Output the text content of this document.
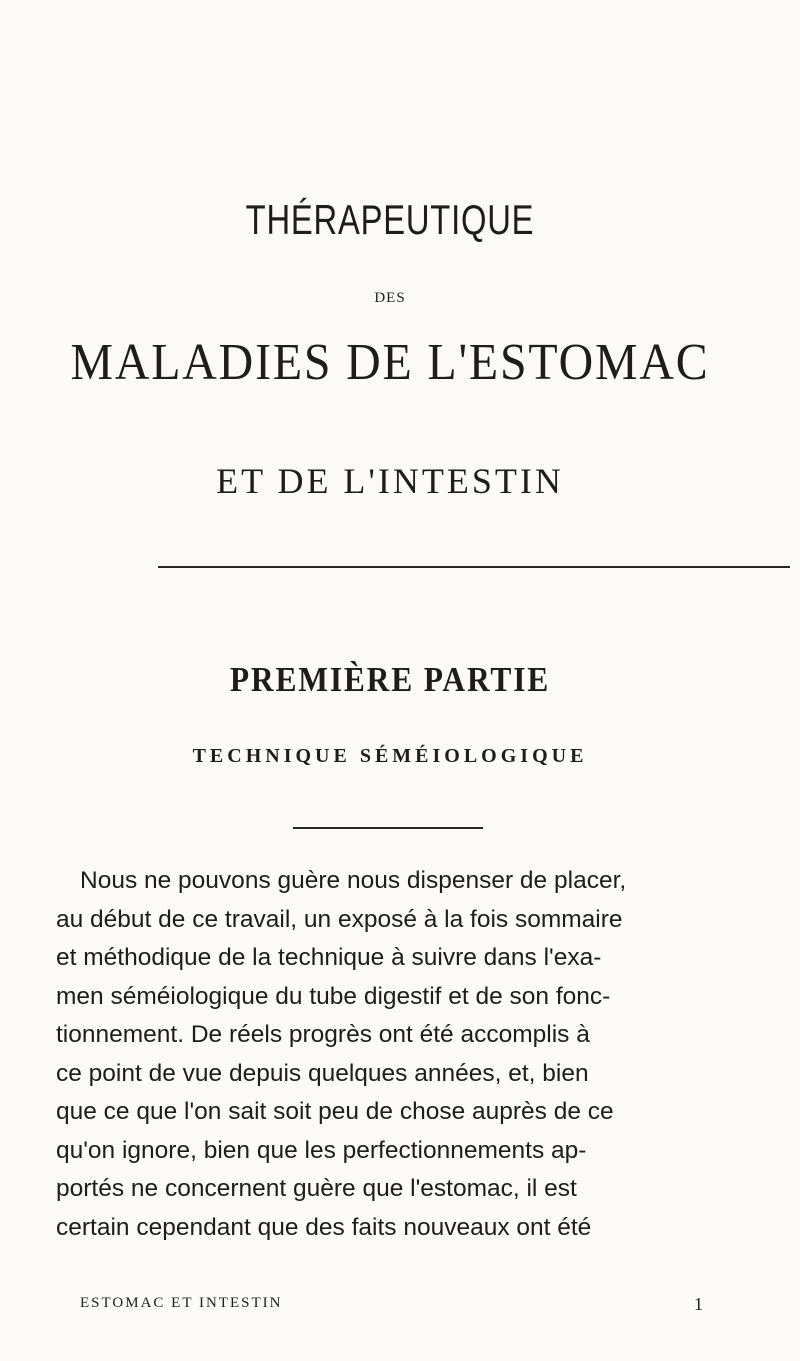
THÉRAPEUTIQUE
DES
MALADIES DE L'ESTOMAC
ET DE L'INTESTIN
PREMIÈRE PARTIE
TECHNIQUE SÉMÉIOLOGIQUE
Nous ne pouvons guère nous dispenser de placer,
au début de ce travail, un exposé à la fois sommaire
et méthodique de la technique à suivre dans l'exa-
men séméiologique du tube digestif et de son fonc-
tionnement. De réels progrès ont été accomplis à
ce point de vue depuis quelques années, et, bien
que ce que l'on sait soit peu de chose auprès de ce
qu'on ignore, bien que les perfectionnements ap-
portés ne concernent guère que l'estomac, il est
certain cependant que des faits nouveaux ont été
ESTOMAC ET INTESTIN	1
